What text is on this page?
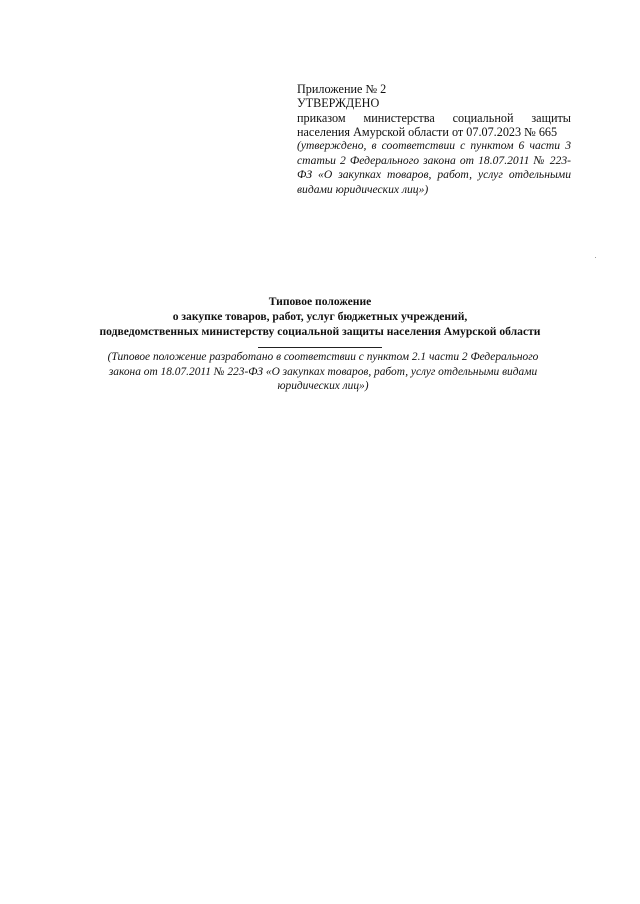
Приложение № 2
УТВЕРЖДЕНО
приказом министерства социальной защиты
населения Амурской области от 07.07.2023 № 665
(утверждено, в соответствии с пунктом 6 части 3 статьи 2 Федерального закона от 18.07.2011 № 223-ФЗ «О закупках товаров, работ, услуг отдельными видами юридических лиц»)
Типовое положение
о закупке товаров, работ, услуг бюджетных учреждений,
подведомственных министерству социальной защиты населения Амурской области
(Типовое положение разработано в соответствии с пунктом 2.1 части 2 Федерального
закона от 18.07.2011 № 223-ФЗ «О закупках товаров, работ, услуг отдельными видами
юридических лиц»)
